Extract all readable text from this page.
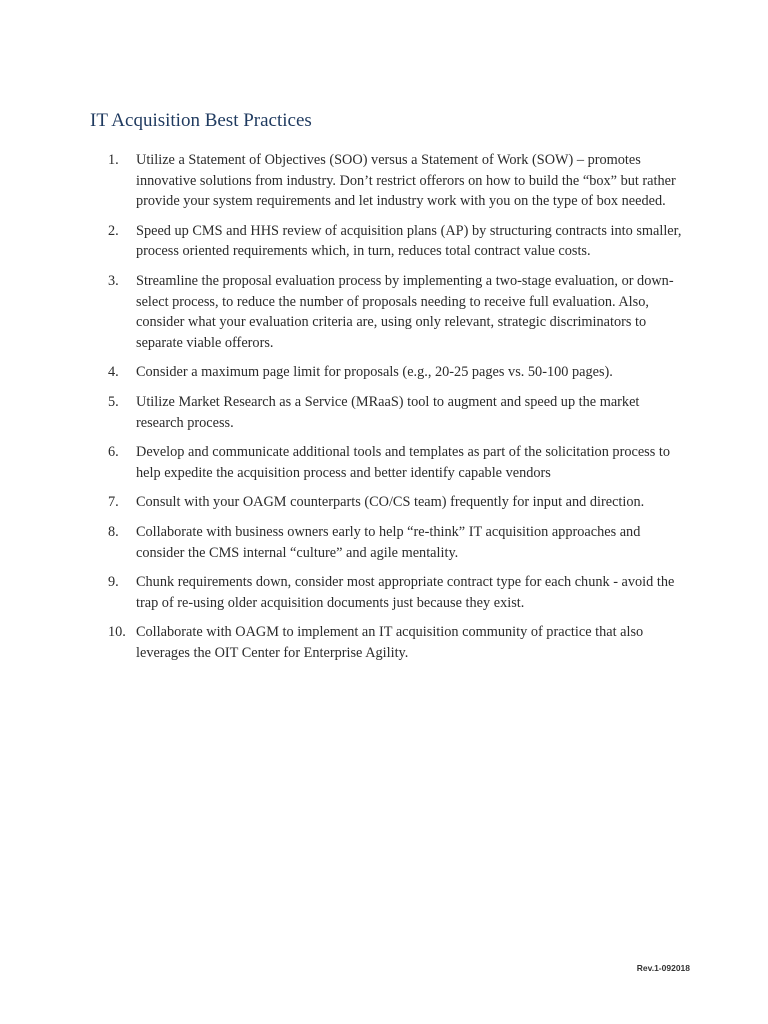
IT Acquisition Best Practices
1.	Utilize a Statement of Objectives (SOO) versus a Statement of Work (SOW) – promotes innovative solutions from industry. Don’t restrict offerors on how to build the “box” but rather provide your system requirements and let industry work with you on the type of box needed.
2.	Speed up CMS and HHS review of acquisition plans (AP) by structuring contracts into smaller, process oriented requirements which, in turn, reduces total contract value costs.
3.	Streamline the proposal evaluation process by implementing a two-stage evaluation, or down-select process, to reduce the number of proposals needing to receive full evaluation. Also, consider what your evaluation criteria are, using only relevant, strategic discriminators to separate viable offerors.
4.	Consider a maximum page limit for proposals (e.g., 20-25 pages vs. 50-100 pages).
5.	Utilize Market Research as a Service (MRaaS) tool to augment and speed up the market research process.
6.	Develop and communicate additional tools and templates as part of the solicitation process to help expedite the acquisition process and better identify capable vendors
7.	Consult with your OAGM counterparts (CO/CS team) frequently for input and direction.
8.	Collaborate with business owners early to help “re-think” IT acquisition approaches and consider the CMS internal “culture” and agile mentality.
9.	Chunk requirements down, consider most appropriate contract type for each chunk - avoid the trap of re-using older acquisition documents just because they exist.
10. Collaborate with OAGM to implement an IT acquisition community of practice that also leverages the OIT Center for Enterprise Agility.

Rev.1-092018
